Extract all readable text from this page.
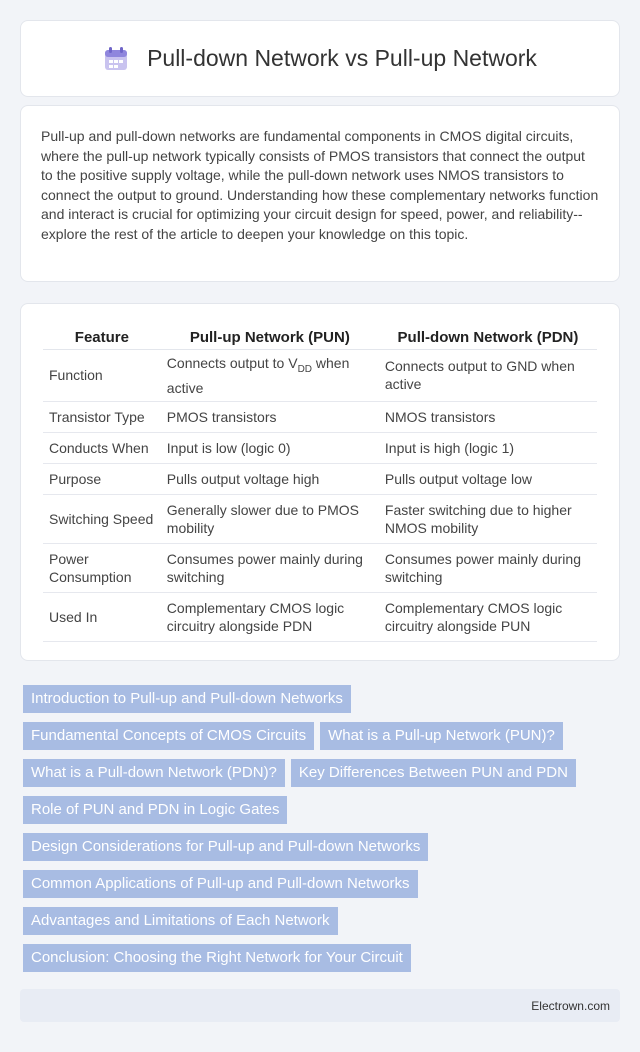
Pull-down Network vs Pull-up Network

Pull-up and pull-down networks are fundamental components in CMOS digital circuits, where the pull-up network typically consists of PMOS transistors that connect the output to the positive supply voltage, while the pull-down network uses NMOS transistors to connect the output to ground. Understanding how these complementary networks function and interact is crucial for optimizing your circuit design for speed, power, and reliability--explore the rest of the article to deepen your knowledge on this topic.

Feature	Pull-up Network (PUN)	Pull-down Network (PDN)
Function	Connects output to $V_{DD}$ when active	Connects output to GND when active
Transistor Type	PMOS transistors	NMOS transistors
Conducts When	Input is low (logic 0)	Input is high (logic 1)
Purpose	Pulls output voltage high	Pulls output voltage low
Switching Speed	Generally slower due to PMOS mobility	Faster switching due to higher NMOS mobility
Power Consumption	Consumes power mainly during switching	Consumes power mainly during switching
Used In	Complementary CMOS logic circuitry alongside PDN	Complementary CMOS logic circuitry alongside PUN
Introduction to Pull-up and Pull-down Networks
Fundamental Concepts of CMOS Circuits What is a Pull-up Network (PUN)?
What is a Pull-down Network (PDN)? Key Differences Between PUN and PDN
Role of PUN and PDN in Logic Gates
Design Considerations for Pull-up and Pull-down Networks
Common Applications of Pull-up and Pull-down Networks
Advantages and Limitations of Each Network
Conclusion: Choosing the Right Network for Your Circuit
Electrown.com
